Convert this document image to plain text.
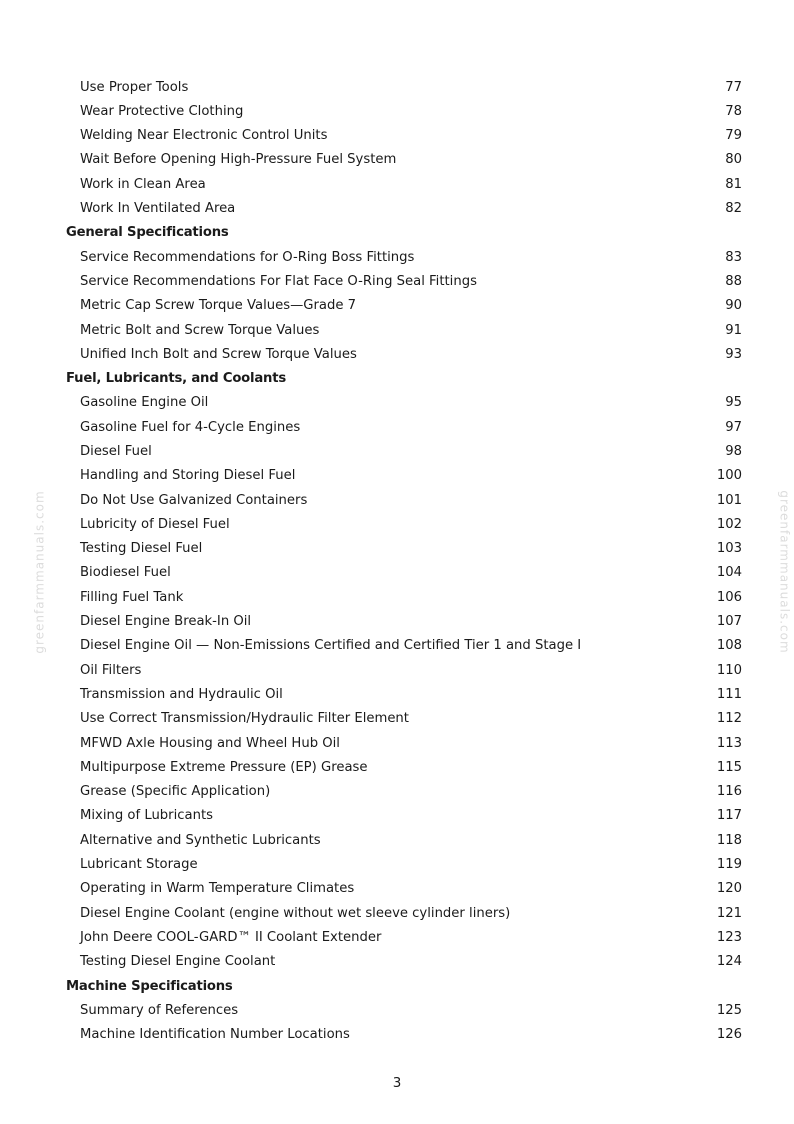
Use Proper Tools	77
Wear Protective Clothing	78
Welding Near Electronic Control Units	79
Wait Before Opening High-Pressure Fuel System	80
Work in Clean Area	81
Work In Ventilated Area	82
General Specifications
Service Recommendations for O-Ring Boss Fittings	83
Service Recommendations For Flat Face O-Ring Seal Fittings	88
Metric Cap Screw Torque Values—Grade 7	90
Metric Bolt and Screw Torque Values	91
Unified Inch Bolt and Screw Torque Values	93
Fuel, Lubricants, and Coolants
Gasoline Engine Oil	95
Gasoline Fuel for 4-Cycle Engines	97
Diesel Fuel	98
Handling and Storing Diesel Fuel	100
Do Not Use Galvanized Containers	101
Lubricity of Diesel Fuel	102
Testing Diesel Fuel	103
Biodiesel Fuel	104
Filling Fuel Tank	106
Diesel Engine Break-In Oil	107
Diesel Engine Oil — Non-Emissions Certified and Certified Tier 1 and Stage I	108
Oil Filters	110
Transmission and Hydraulic Oil	111
Use Correct Transmission/Hydraulic Filter Element	112
MFWD Axle Housing and Wheel Hub Oil	113
Multipurpose Extreme Pressure (EP) Grease	115
Grease (Specific Application)	116
Mixing of Lubricants	117
Alternative and Synthetic Lubricants	118
Lubricant Storage	119
Operating in Warm Temperature Climates	120
Diesel Engine Coolant (engine without wet sleeve cylinder liners)	121
John Deere COOL-GARD™ II Coolant Extender	123
Testing Diesel Engine Coolant	124
Machine Specifications
Summary of References	125
Machine Identification Number Locations	126
greenfarmmanuals.com	greenfarmmanuals.com
3
